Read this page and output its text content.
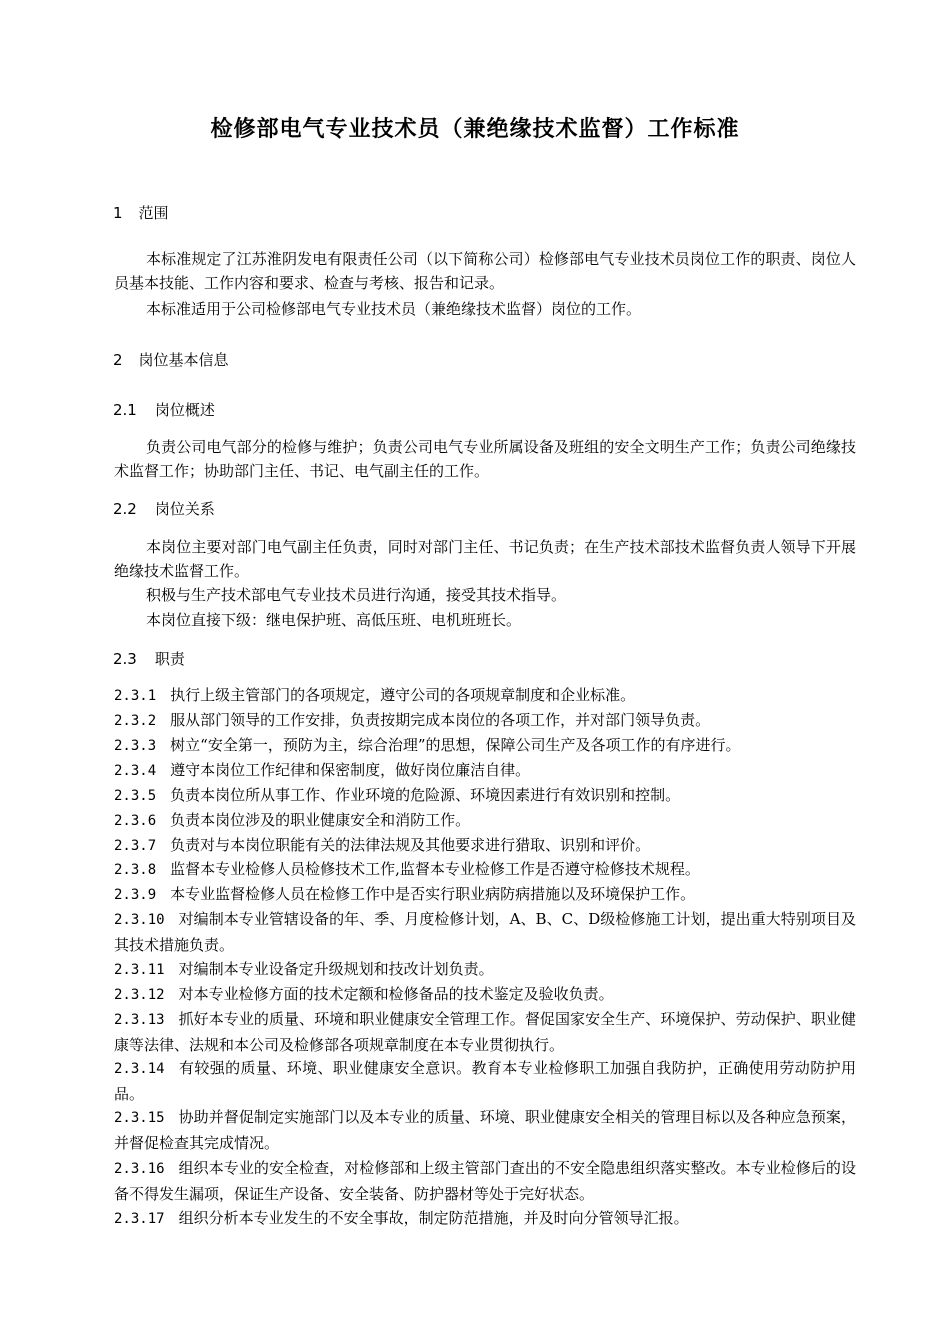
检修部电气专业技术员（兼绝缘技术监督）工作标准
1 范围
本标准规定了江苏淮阴发电有限责任公司（以下简称公司）检修部电气专业技术员岗位工作的职责、岗位人员基本技能、工作内容和要求、检查与考核、报告和记录。
本标准适用于公司检修部电气专业技术员（兼绝缘技术监督）岗位的工作。
2 岗位基本信息
2.1 岗位概述
负责公司电气部分的检修与维护；负责公司电气专业所属设备及班组的安全文明生产工作；负责公司绝缘技术监督工作；协助部门主任、书记、电气副主任的工作。
2.2 岗位关系
本岗位主要对部门电气副主任负责，同时对部门主任、书记负责；在生产技术部技术监督负责人领导下开展绝缘技术监督工作。
积极与生产技术部电气专业技术员进行沟通，接受其技术指导。
本岗位直接下级：继电保护班、高低压班、电机班班长。
2.3 职责
2.3.1 执行上级主管部门的各项规定，遵守公司的各项规章制度和企业标准。
2.3.2 服从部门领导的工作安排，负责按期完成本岗位的各项工作，并对部门领导负责。
2.3.3 树立“安全第一，预防为主，综合治理”的思想，保障公司生产及各项工作的有序进行。
2.3.4 遵守本岗位工作纪律和保密制度，做好岗位廉洁自律。
2.3.5 负责本岗位所从事工作、作业环境的危险源、环境因素进行有效识别和控制。
2.3.6 负责本岗位涉及的职业健康安全和消防工作。
2.3.7 负责对与本岗位职能有关的法律法规及其他要求进行猎取、识别和评价。
2.3.8 监督本专业检修人员检修技术工作,监督本专业检修工作是否遵守检修技术规程。
2.3.9 本专业监督检修人员在检修工作中是否实行职业病防病措施以及环境保护工作。
2.3.10 对编制本专业管辖设备的年、季、月度检修计划，A、B、C、D级检修施工计划，提出重大特别项目及其技术措施负责。
2.3.11 对编制本专业设备定升级规划和技改计划负责。
2.3.12 对本专业检修方面的技术定额和检修备品的技术鉴定及验收负责。
2.3.13 抓好本专业的质量、环境和职业健康安全管理工作。督促国家安全生产、环境保护、劳动保护、职业健康等法律、法规和本公司及检修部各项规章制度在本专业贯彻执行。
2.3.14 有较强的质量、环境、职业健康安全意识。教育本专业检修职工加强自我防护，正确使用劳动防护用品。
2.3.15 协助并督促制定实施部门以及本专业的质量、环境、职业健康安全相关的管理目标以及各种应急预案，并督促检查其完成情况。
2.3.16 组织本专业的安全检查，对检修部和上级主管部门查出的不安全隐患组织落实整改。本专业检修后的设备不得发生漏项，保证生产设备、安全装备、防护器材等处于完好状态。
2.3.17 组织分析本专业发生的不安全事故，制定防范措施，并及时向分管领导汇报。
